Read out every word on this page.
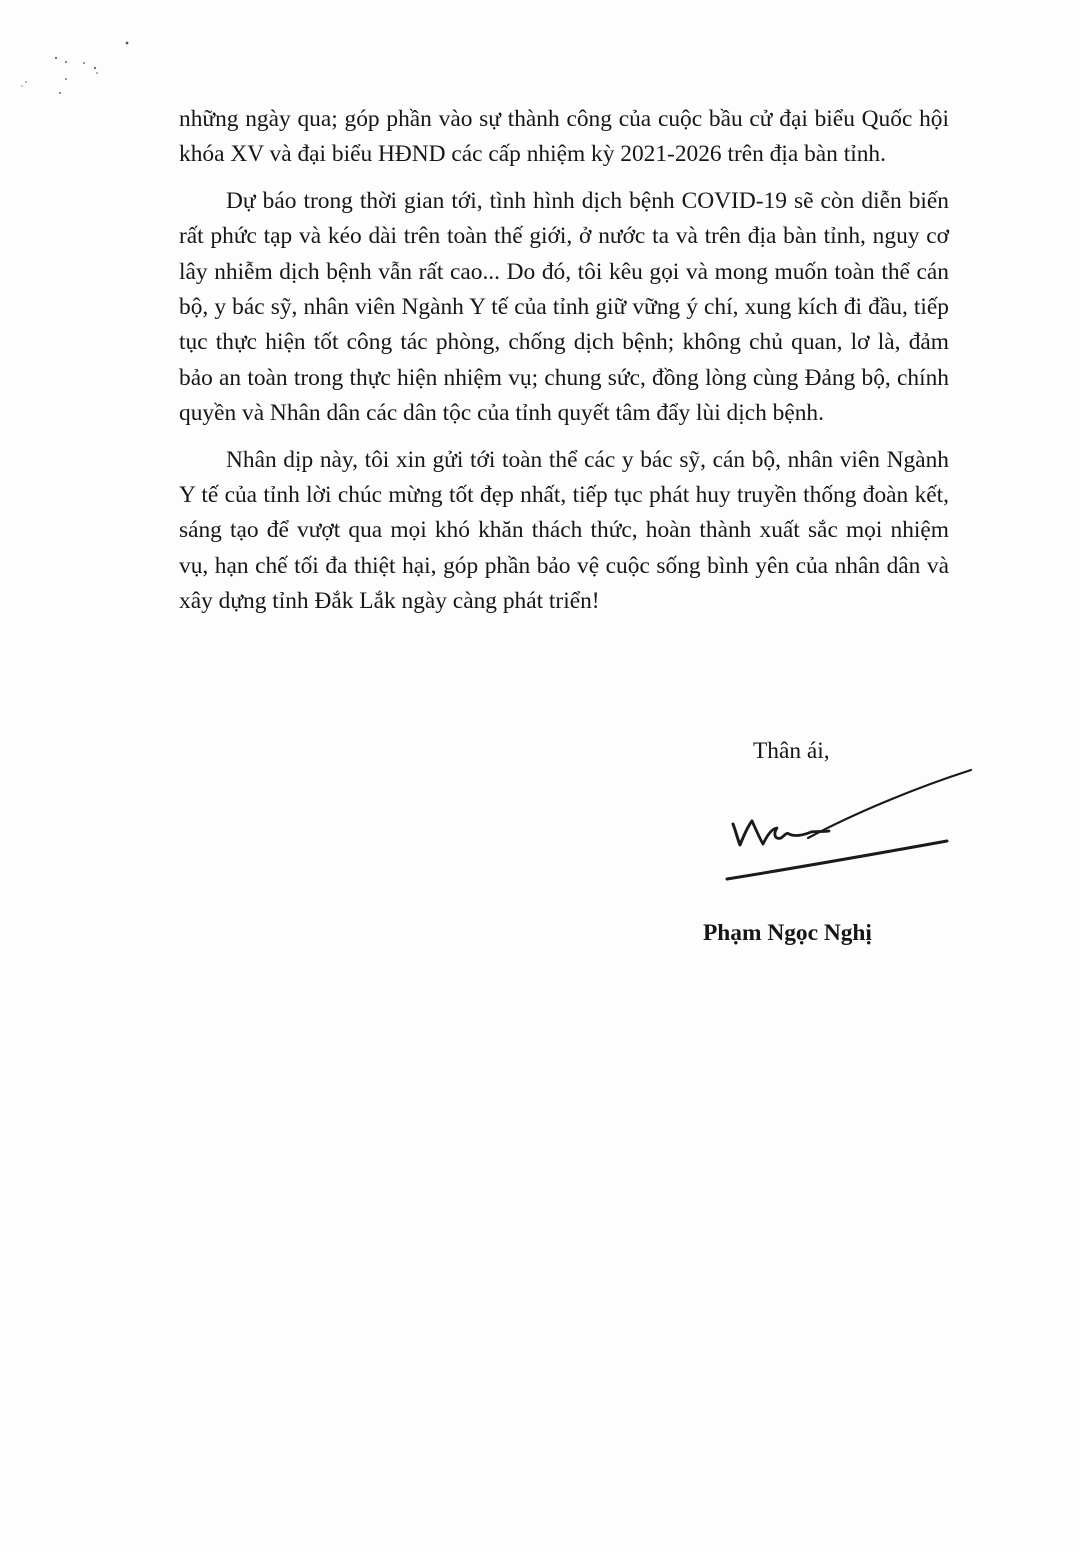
những ngày qua; góp phần vào sự thành công của cuộc bầu cử đại biểu Quốc hội khóa XV và đại biểu HĐND các cấp nhiệm kỳ 2021-2026 trên địa bàn tỉnh.

Dự báo trong thời gian tới, tình hình dịch bệnh COVID-19 sẽ còn diễn biến rất phức tạp và kéo dài trên toàn thế giới, ở nước ta và trên địa bàn tỉnh, nguy cơ lây nhiễm dịch bệnh vẫn rất cao... Do đó, tôi kêu gọi và mong muốn toàn thể cán bộ, y bác sỹ, nhân viên Ngành Y tế của tỉnh giữ vững ý chí, xung kích đi đầu, tiếp tục thực hiện tốt công tác phòng, chống dịch bệnh; không chủ quan, lơ là, đảm bảo an toàn trong thực hiện nhiệm vụ; chung sức, đồng lòng cùng Đảng bộ, chính quyền và Nhân dân các dân tộc của tỉnh quyết tâm đẩy lùi dịch bệnh.

Nhân dịp này, tôi xin gửi tới toàn thể các y bác sỹ, cán bộ, nhân viên Ngành Y tế của tỉnh lời chúc mừng tốt đẹp nhất, tiếp tục phát huy truyền thống đoàn kết, sáng tạo để vượt qua mọi khó khăn thách thức, hoàn thành xuất sắc mọi nhiệm vụ, hạn chế tối đa thiệt hại, góp phần bảo vệ cuộc sống bình yên của nhân dân và xây dựng tỉnh Đắk Lắk ngày càng phát triển!

Thân ái,
Phạm Ngọc Nghị
